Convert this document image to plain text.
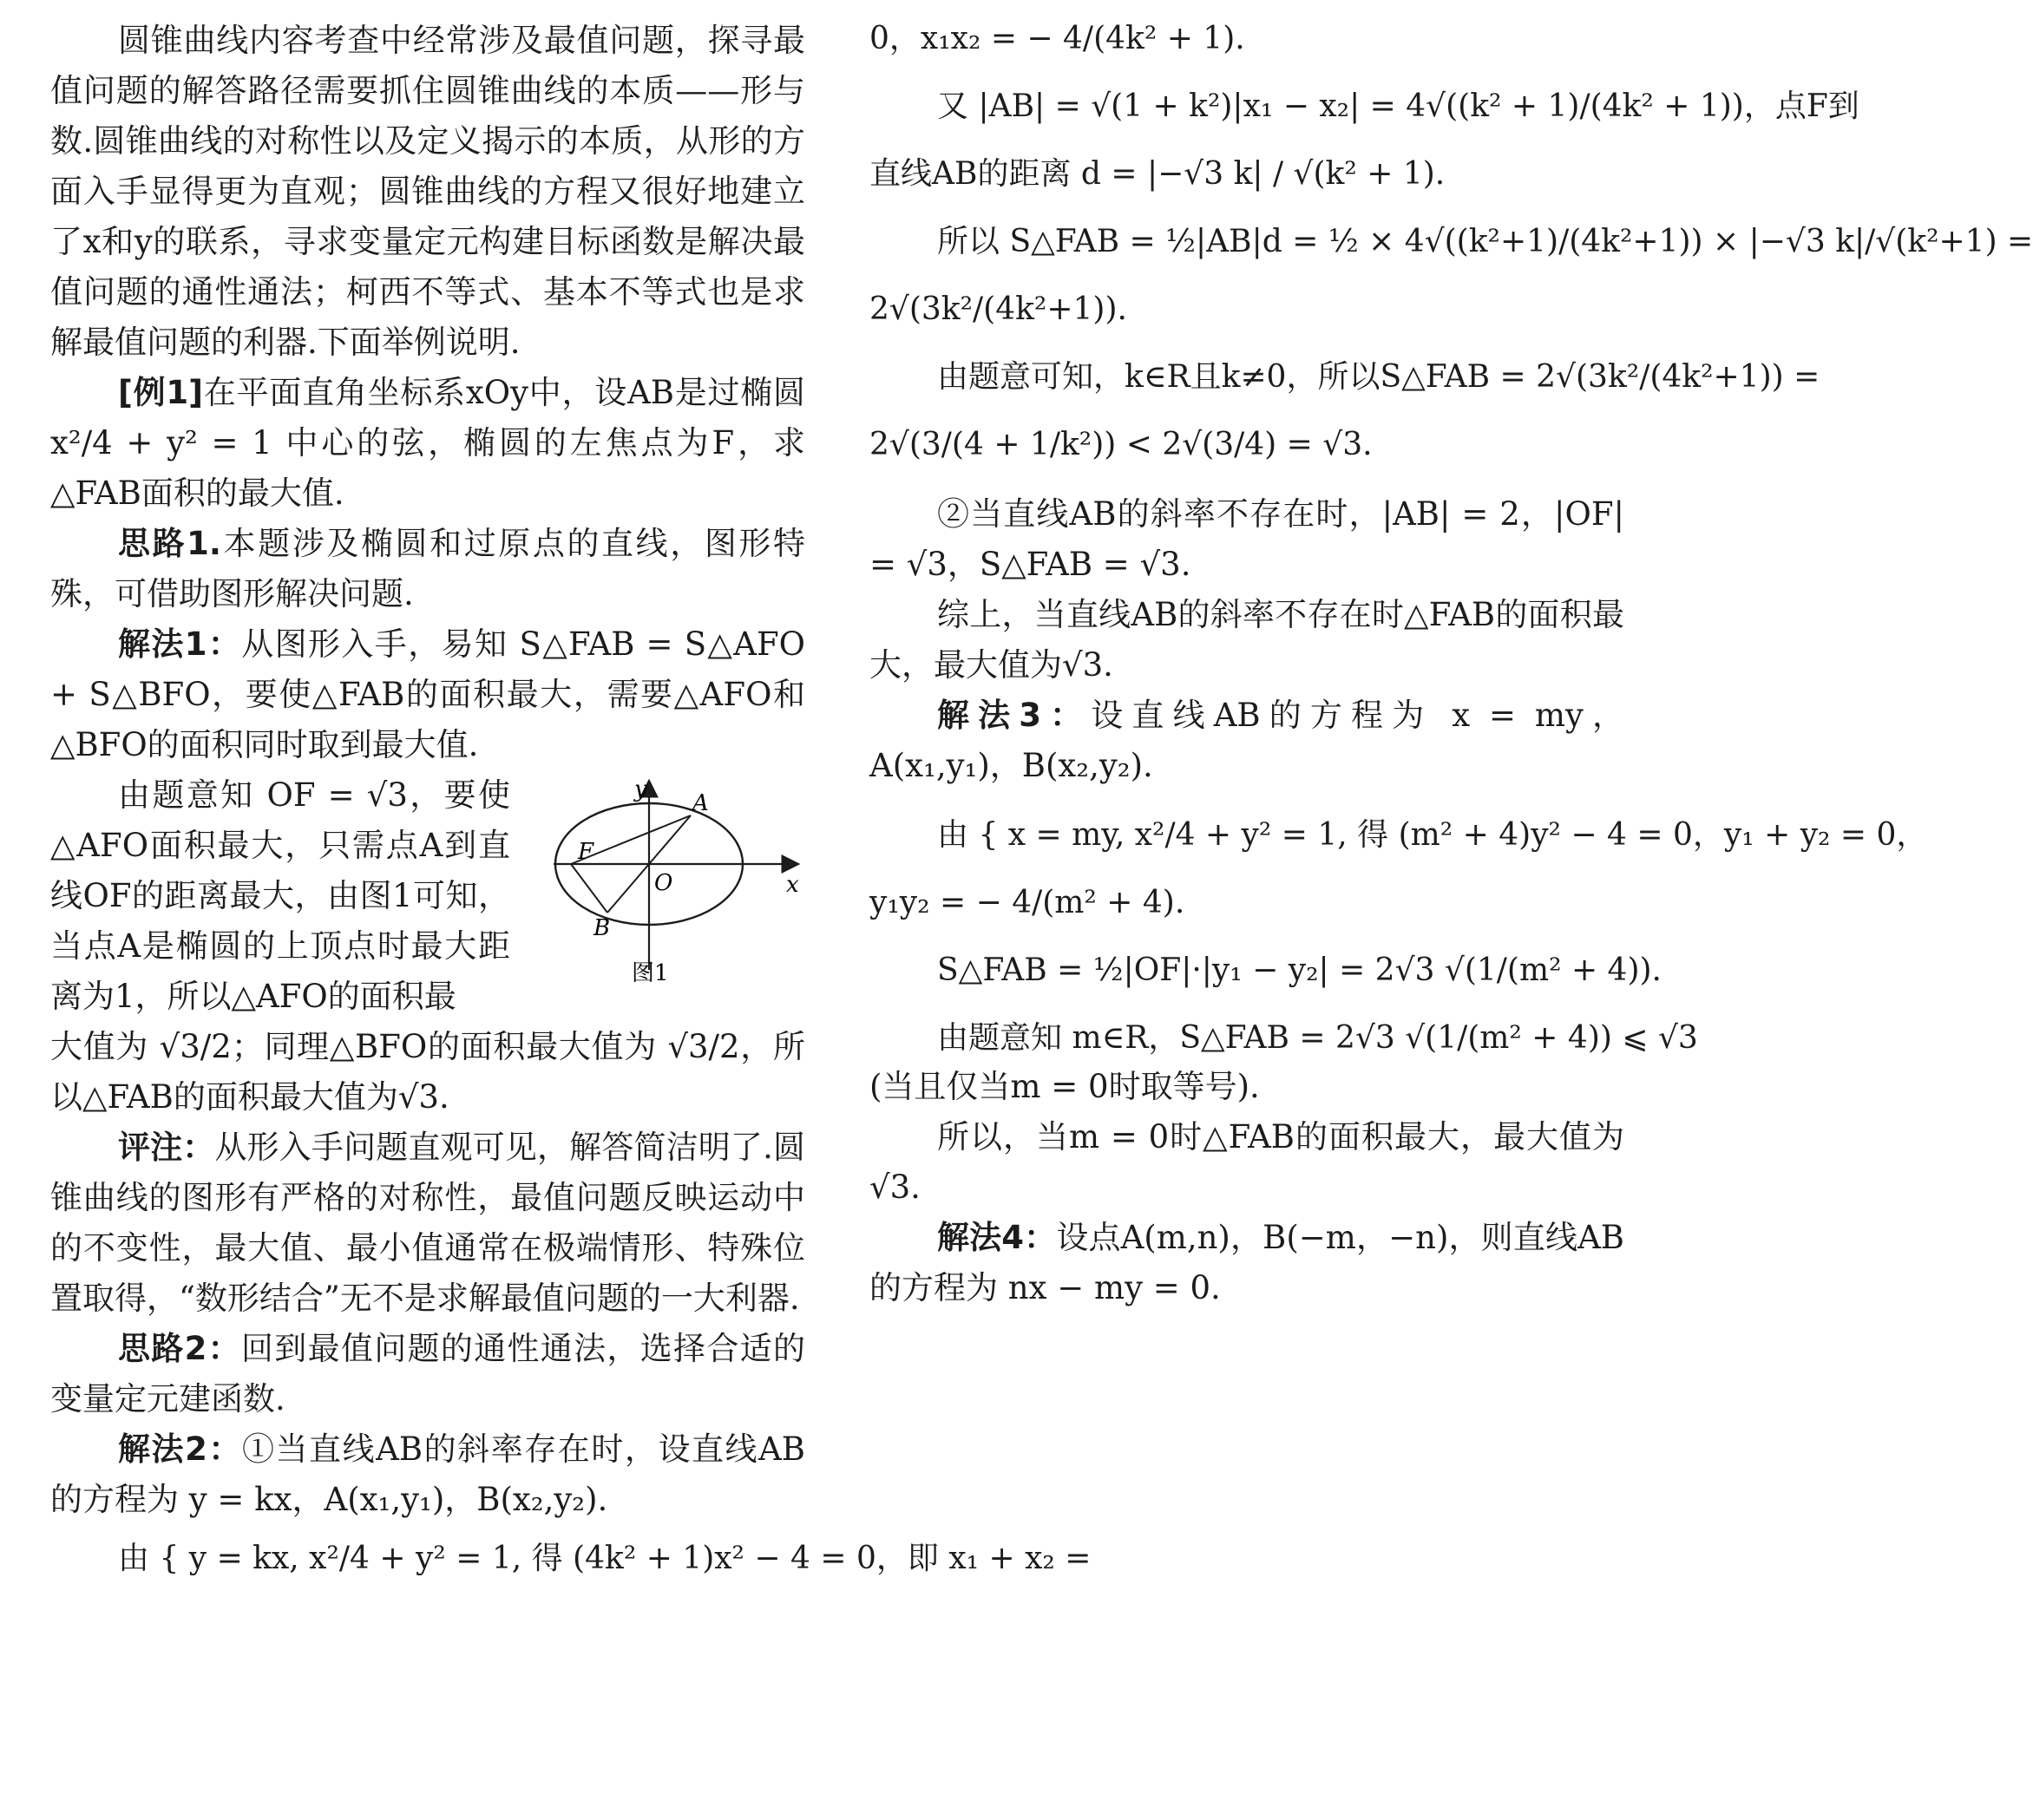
圆锥曲线内容考查中经常涉及最值问题，探寻最值问题的解答路径需要抓住圆锥曲线的本质——形与数.圆锥曲线的对称性以及定义揭示的本质，从形的方面入手显得更为直观；圆锥曲线的方程又很好地建立了x和y的联系，寻求变量定元构建目标函数是解决最值问题的通性通法；柯西不等式、基本不等式也是求解最值问题的利器.下面举例说明.

[例1]在平面直角坐标系xOy中，设AB是过椭圆 x²/4 + y² = 1 中心的弦，椭圆的左焦点为F，求△FAB面积的最大值.

思路1.本题涉及椭圆和过原点的直线，图形特殊，可借助图形解决问题.

解法1：从图形入手，易知 S△FAB = S△AFO + S△BFO，要使△FAB的面积最大，需要△AFO和△BFO的面积同时取到最大值.

由题意知 OF = √3，要使△AFO面积最大，只需点A到直线OF的距离最大，由图1可知，当点A是椭圆的上顶点时最大距离为1，所以△AFO的面积最

y
x
A
B
F
O
图1

大值为 √3/2；同理△BFO的面积最大值为 √3/2，所以△FAB的面积最大值为√3.

评注：从形入手问题直观可见，解答简洁明了.圆锥曲线的图形有严格的对称性，最值问题反映运动中的不变性，最大值、最小值通常在极端情形、特殊位置取得，“数形结合”无不是求解最值问题的一大利器.

思路2：回到最值问题的通性通法，选择合适的变量定元建函数.

解法2：①当直线AB的斜率存在时，设直线AB的方程为 y = kx，A(x₁,y₁)，B(x₂,y₂).

由 { y = kx, x²/4 + y² = 1, 得 (4k² + 1)x² − 4 = 0，即 x₁ + x₂ =

0，x₁x₂ = − 4/(4k² + 1).

又 |AB| = √(1 + k²)|x₁ − x₂| = 4√((k² + 1)/(4k² + 1))，点F到

直线AB的距离 d = |−√3 k| / √(k² + 1).

所以 S△FAB = ½|AB|d = ½ × 4√((k²+1)/(4k²+1)) × |−√3 k|/√(k²+1) =

2√(3k²/(4k²+1)).

由题意可知，k∈R且k≠0，所以S△FAB = 2√(3k²/(4k²+1)) =

2√(3/(4 + 1/k²)) < 2√(3/4) = √3.

②当直线AB的斜率不存在时，|AB| = 2，|OF| = √3，S△FAB = √3.

综上，当直线AB的斜率不存在时△FAB的面积最大，最大值为√3.

解法3：设直线AB的方程为 x = my，A(x₁,y₁)，B(x₂,y₂).

由 { x = my, x²/4 + y² = 1, 得 (m² + 4)y² − 4 = 0，y₁ + y₂ = 0，

y₁y₂ = − 4/(m² + 4).

S△FAB = ½|OF|·|y₁ − y₂| = 2√3 √(1/(m² + 4)).

由题意知 m∈R，S△FAB = 2√3 √(1/(m² + 4)) ⩽ √3

(当且仅当m = 0时取等号).

所以，当m = 0时△FAB的面积最大，最大值为√3.

解法4：设点A(m,n)，B(−m，−n)，则直线AB的方程为 nx − my = 0.
